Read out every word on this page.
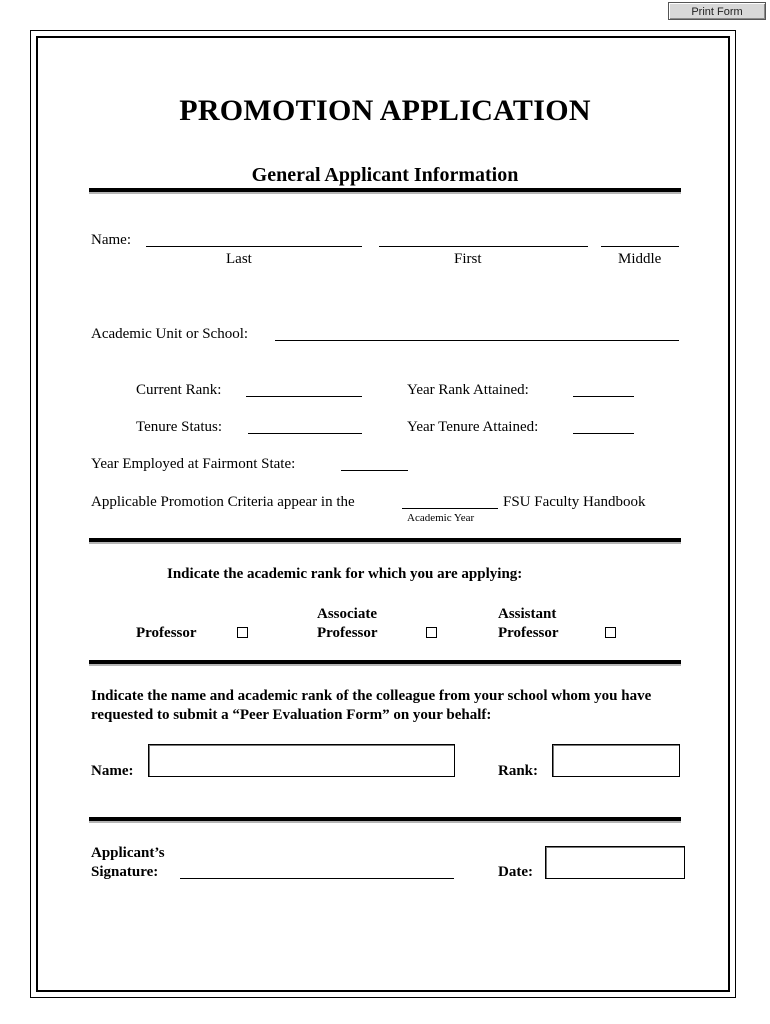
Print Form
PROMOTION APPLICATION
General Applicant Information
Name:
Last	First	Middle
Academic Unit or School:
Current Rank:	Year Rank Attained:
Tenure Status:	Year Tenure Attained:
Year Employed at Fairmont State:
Applicable Promotion Criteria appear in the	FSU Faculty Handbook
Academic Year
Indicate the academic rank for which you are applying:
Professor
Associate
Professor
Assistant
Professor
Indicate the name and academic rank of the colleague from your school whom you have requested to submit a “Peer Evaluation Form” on your behalf:
Name:	Rank:
Applicant’s
Signature:	Date:
